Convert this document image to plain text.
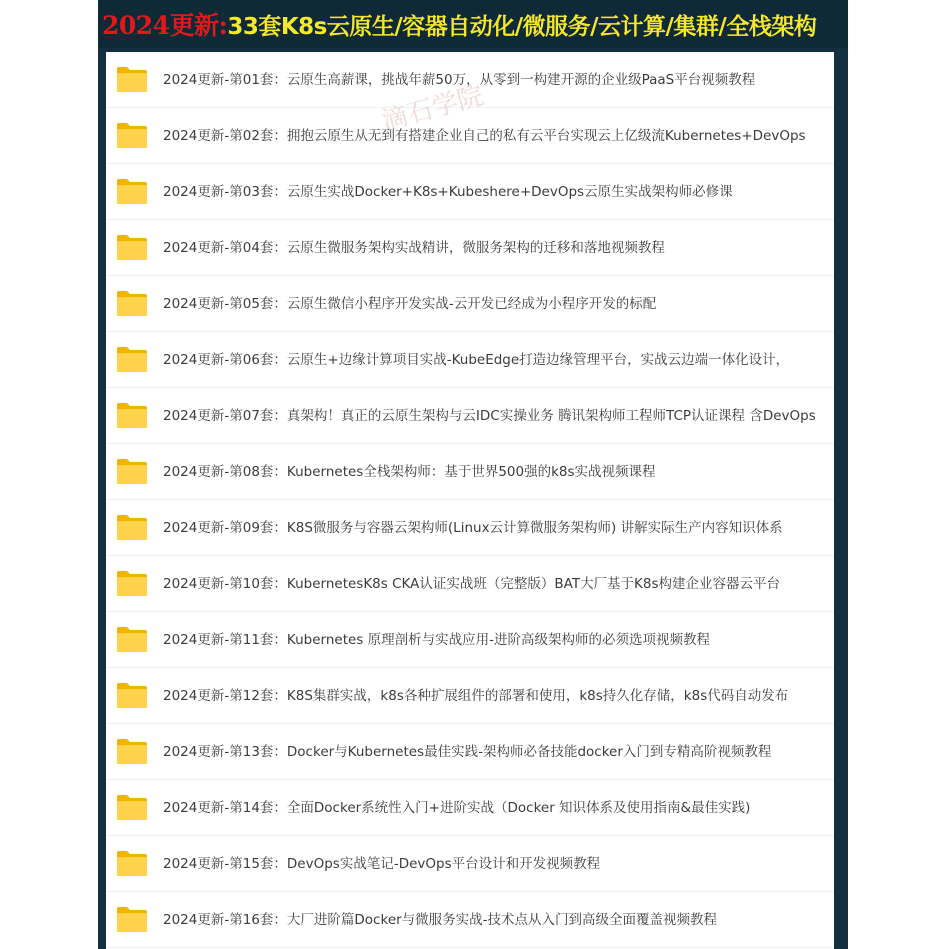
2024更新: 33套K8s云原生/容器自动化/微服务/云计算/集群/全栈架构
2024更新-第01套：云原生高薪课，挑战年薪50万，从零到一构建开源的企业级PaaS平台视频教程
2024更新-第02套：拥抱云原生从无到有搭建企业自己的私有云平台实现云上亿级流Kubernetes+DevOps
2024更新-第03套：云原生实战Docker+K8s+Kubeshere+DevOps云原生实战架构师必修课
2024更新-第04套：云原生微服务架构实战精讲，微服务架构的迁移和落地视频教程
2024更新-第05套：云原生微信小程序开发实战-云开发已经成为小程序开发的标配
2024更新-第06套：云原生+边缘计算项目实战-KubeEdge打造边缘管理平台，实战云边端一体化设计，
2024更新-第07套：真架构！真正的云原生架构与云IDC实操业务 腾讯架构师工程师TCP认证课程 含DevOps
2024更新-第08套：Kubernetes全栈架构师：基于世界500强的k8s实战视频课程
2024更新-第09套：K8S微服务与容器云架构师(Linux云计算微服务架构师) 讲解实际生产内容知识体系
2024更新-第10套：KubernetesK8s CKA认证实战班（完整版）BAT大厂基于K8s构建企业容器云平台
2024更新-第11套：Kubernetes 原理剖析与实战应用-进阶高级架构师的必须选项视频教程
2024更新-第12套：K8S集群实战，k8s各种扩展组件的部署和使用，k8s持久化存储，k8s代码自动发布
2024更新-第13套：Docker与Kubernetes最佳实践-架构师必备技能docker入门到专精高阶视频教程
2024更新-第14套：全面Docker系统性入门+进阶实战（Docker 知识体系及使用指南&最佳实践)
2024更新-第15套：DevOps实战笔记-DevOps平台设计和开发视频教程
2024更新-第16套：大厂进阶篇Docker与微服务实战-技术点从入门到高级全面覆盖视频教程
滴石学院
